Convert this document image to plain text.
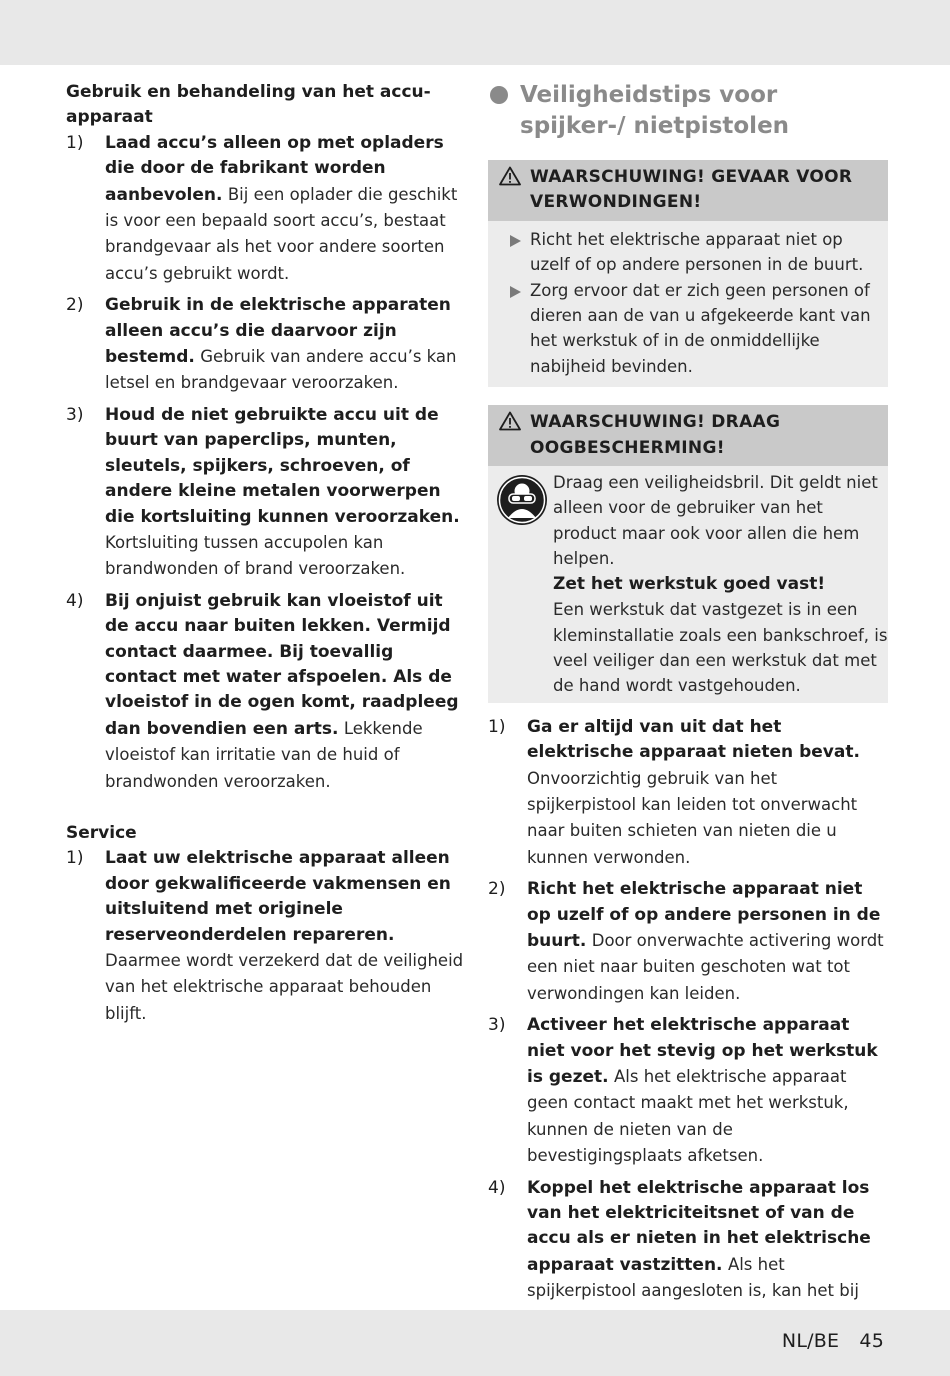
Gebruik en behandeling van het accu-apparaat
1) Laad accu’s alleen op met opladers die door de fabrikant worden aanbevolen. Bij een oplader die geschikt is voor een bepaald soort accu’s, bestaat brandgevaar als het voor andere soorten accu’s gebruikt wordt.
2) Gebruik in de elektrische apparaten alleen accu’s die daarvoor zijn bestemd. Gebruik van andere accu’s kan letsel en brandgevaar veroorzaken.
3) Houd de niet gebruikte accu uit de buurt van paperclips, munten, sleutels, spijkers, schroeven, of andere kleine metalen voorwerpen die kortsluiting kunnen veroorzaken. Kortsluiting tussen accupolen kan brandwonden of brand veroorzaken.
4) Bij onjuist gebruik kan vloeistof uit de accu naar buiten lekken. Vermijd contact daarmee. Bij toevallig contact met water afspoelen. Als de vloeistof in de ogen komt, raadpleeg dan bovendien een arts. Lekkende vloeistof kan irritatie van de huid of brandwonden veroorzaken.
Service
1) Laat uw elektrische apparaat alleen door gekwalificeerde vakmensen en uitsluitend met originele reserveonderdelen repareren. Daarmee wordt verzekerd dat de veiligheid van het elektrische apparaat behouden blijft.
Veiligheidstips voor spijker-/ nietpistolen
WAARSCHUWING! GEVAAR VOOR VERWONDINGEN!
Richt het elektrische apparaat niet op uzelf of op andere personen in de buurt.
Zorg ervoor dat er zich geen personen of dieren aan de van u afgekeerde kant van het werkstuk of in de onmiddellijke nabijheid bevinden.
WAARSCHUWING! DRAAG OOGBESCHERMING!
Draag een veiligheidsbril. Dit geldt niet alleen voor de gebruiker van het product maar ook voor allen die hem helpen.
Zet het werkstuk goed vast!
Een werkstuk dat vastgezet is in een kleminstallatie zoals een bankschroef, is veel veiliger dan een werkstuk dat met de hand wordt vastgehouden.
1) Ga er altijd van uit dat het elektrische apparaat nieten bevat. Onvoorzichtig gebruik van het spijkerpistool kan leiden tot onverwacht naar buiten schieten van nieten die u kunnen verwonden.
2) Richt het elektrische apparaat niet op uzelf of op andere personen in de buurt. Door onverwachte activering wordt een niet naar buiten geschoten wat tot verwondingen kan leiden.
3) Activeer het elektrische apparaat niet voor het stevig op het werkstuk is gezet. Als het elektrische apparaat geen contact maakt met het werkstuk, kunnen de nieten van de bevestigingsplaats afketsen.
4) Koppel het elektrische apparaat los van het elektriciteitsnet of van de accu als er nieten in het elektrische apparaat vastzitten. Als het spijkerpistool aangesloten is, kan het bij
NL/BE 45
